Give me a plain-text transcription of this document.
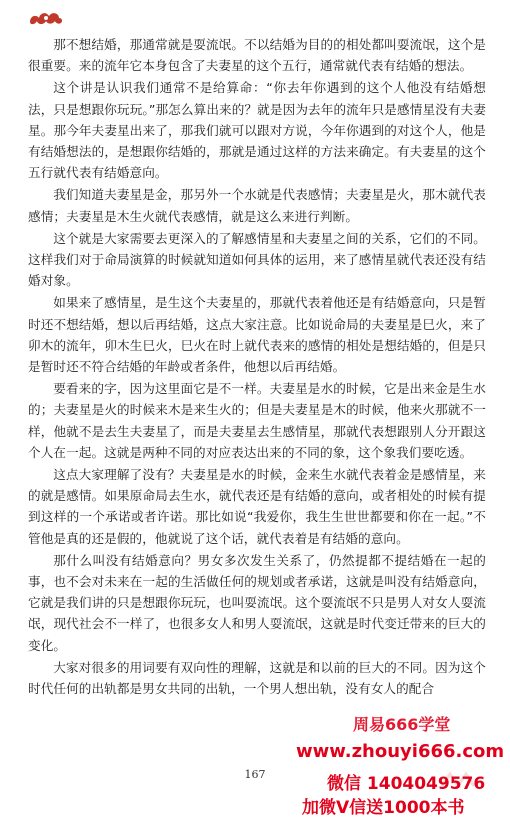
那不想结婚，那通常就是耍流氓。不以结婚为目的的相处都叫耍流氓，这个是很重要。来的流年它本身包含了夫妻星的这个五行，通常就代表有结婚的想法。

这个讲是认识我们通常不是给算命：“你去年你遇到的这个人他没有结婚想法，只是想跟你玩玩。”那怎么算出来的？就是因为去年的流年只是感情星没有夫妻星。那今年夫妻星出来了，那我们就可以跟对方说，今年你遇到的对这个人，他是有结婚想法的，是想跟你结婚的，那就是通过这样的方法来确定。有夫妻星的这个五行就代表有结婚意向。

我们知道夫妻星是金，那另外一个水就是代表感情；夫妻星是火，那木就代表感情；夫妻星是木生火就代表感情，就是这么来进行判断。

这个就是大家需要去更深入的了解感情星和夫妻星之间的关系，它们的不同。这样我们对于命局演算的时候就知道如何具体的运用，来了感情星就代表还没有结婚对象。

如果来了感情星，是生这个夫妻星的，那就代表着他还是有结婚意向，只是暂时还不想结婚，想以后再结婚，这点大家注意。比如说命局的夫妻星是巳火，来了卯木的流年，卯木生巳火，巳火在时上就代表来的感情的相处是想结婚的，但是只是暂时还不符合结婚的年龄或者条件，他想以后再结婚。

要看来的字，因为这里面它是不一样。夫妻星是水的时候，它是出来金是生水的；夫妻星是火的时候来木是来生火的；但是夫妻星是木的时候，他来火那就不一样，他就不是去生夫妻星了，而是夫妻星去生感情星，那就代表想跟别人分开跟这个人在一起。这就是两种不同的对应表达出来的不同的象，这个象我们要吃透。

这点大家理解了没有？夫妻星是水的时候，金来生水就代表着金是感情星，来的就是感情。如果原命局去生水，就代表还是有结婚的意向，或者相处的时候有提到这样的一个承诺或者许诺。那比如说“我爱你，我生生世世都要和你在一起。”不管他是真的还是假的，他就说了这个话，就代表着是有结婚的意向。

那什么叫没有结婚意向？男女多次发生关系了，仍然提都不提结婚在一起的事，也不会对未来在一起的生活做任何的规划或者承诺，这就是叫没有结婚意向，它就是我们讲的只是想跟你玩玩，也叫耍流氓。这个耍流氓不只是男人对女人耍流氓，现代社会不一样了，也很多女人和男人耍流氓，这就是时代变迁带来的巨大的变化。

大家对很多的用词要有双向性的理解，这就是和以前的巨大的不同。因为这个时代任何的出轨都是男女共同的出轨，一个男人想出轨，没有女人的配合

167
周易666学堂
www.zhouyi666.com
微信 1404049576
加微V信送1000本书
